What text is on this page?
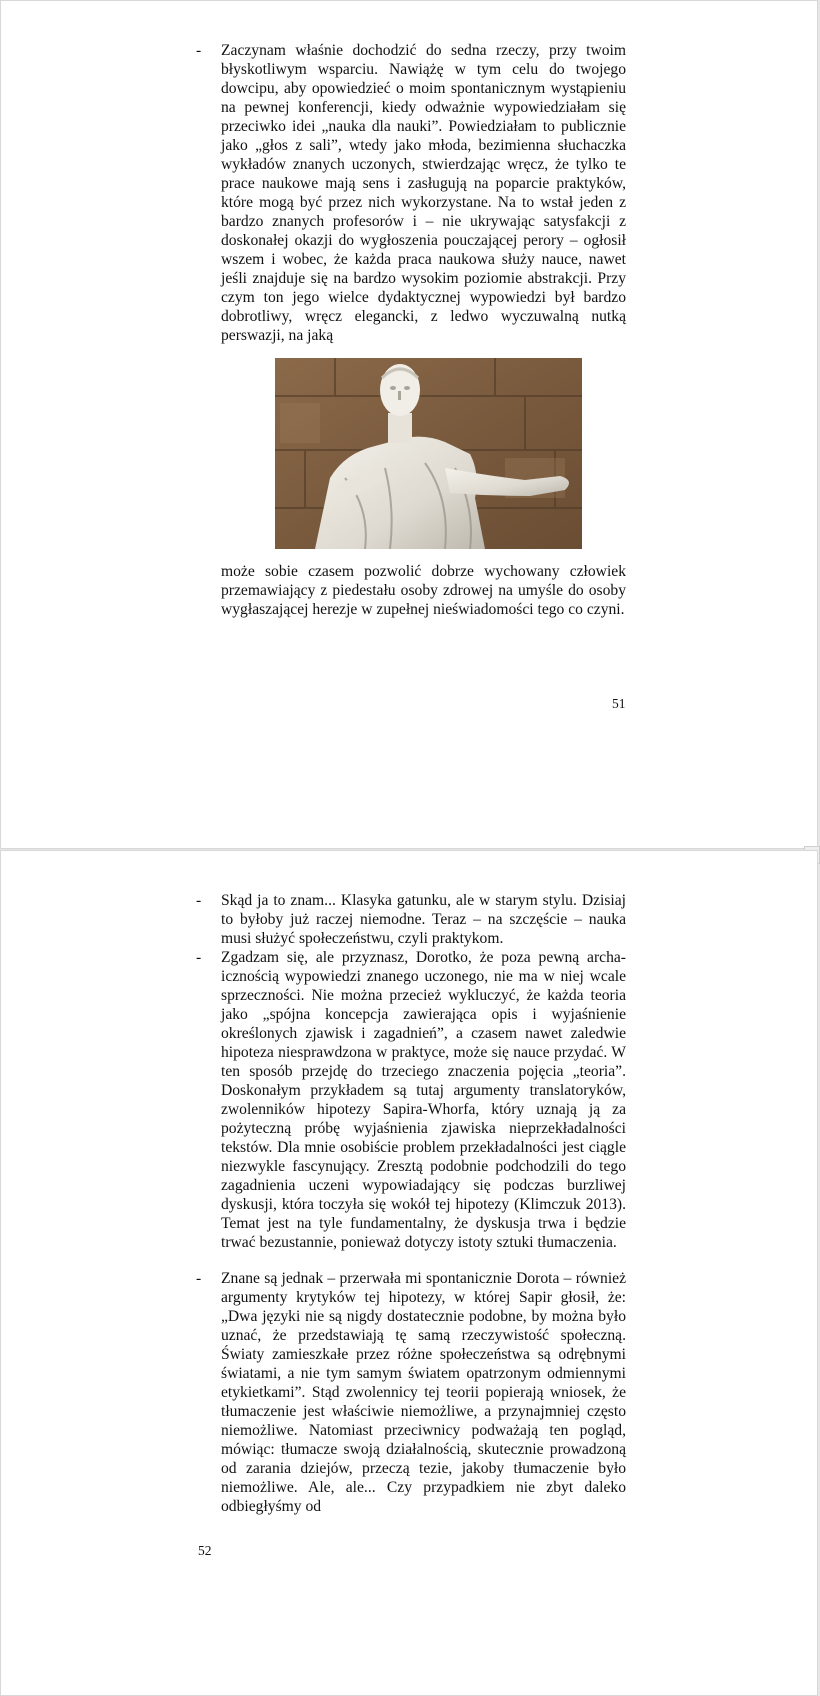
- Zaczynam właśnie dochodzić do sedna rzeczy, przy twoim błyskotliwym wsparciu. Nawiążę w tym celu do twojego dowcipu, aby opowiedzieć o moim spontanicznym wystąpieniu na pewnej konferencji, kiedy odważnie wypowiedziałam się przeciwko idei „nauka dla nauki”. Powiedziałam to publicznie jako „głos z sali”, wtedy jako młoda, bezimienna słuchaczka wykładów znanych uczonych, stwierdzając wręcz, że tylko te prace naukowe mają sens i zasługują na poparcie praktyków, które mogą być przez nich wykorzystane. Na to wstał jeden z bardzo znanych profesorów i – nie ukrywając satysfakcji z doskonałej okazji do wygłoszenia pouczającej perory – ogłosił wszem i wobec, że każda praca naukowa służy nauce, nawet jeśli znajduje się na bardzo wysokim poziomie abstrakcji. Przy czym ton jego wielce dydaktycznej wypowiedzi był bardzo dobrotliwy, wręcz elegancki, z ledwo wyczuwalną nutką perswazji, na jaką

może sobie czasem pozwolić dobrze wychowany człowiek przemawiający z piedestału osoby zdrowej na umyśle do osoby wygłaszającej herezje w zupełnej nieświadomości tego co czyni.

51
- Skąd ja to znam... Klasyka gatunku, ale w starym stylu. Dzisiaj to byłoby już raczej niemodne. Teraz – na szczęście – nauka musi służyć społeczeństwu, czyli praktykom.

- Zgadzam się, ale przyznasz, Dorotko, że poza pewną archaicznością wypowiedzi znanego uczonego, nie ma w niej wcale sprzeczności. Nie można przecież wykluczyć, że każda teoria jako „spójna koncepcja zawierająca opis i wyjaśnienie określonych zjawisk i zagadnień”, a czasem nawet zaledwie hipoteza niesprawdzona w praktyce, może się nauce przydać. W ten sposób przejdę do trzeciego znaczenia pojęcia „teoria”. Doskonałym przykładem są tutaj argumenty translatoryków, zwolenników hipotezy Sapira-Whorfa, który uznają ją za pożyteczną próbę wyjaśnienia zjawiska nieprzekładalności tekstów. Dla mnie osobiście problem przekładalności jest ciągle niezwykle fascynujący. Zresztą podobnie podchodzili do tego zagadnienia uczeni wypowiadający się podczas burzliwej dyskusji, która toczyła się wokół tej hipotezy (Klimczuk 2013). Temat jest na tyle fundamentalny, że dyskusja trwa i będzie trwać bezustannie, ponieważ dotyczy istoty sztuki tłumaczenia.

- Znane są jednak – przerwała mi spontanicznie Dorota – również argumenty krytyków tej hipotezy, w której Sapir głosił, że: „Dwa języki nie są nigdy dostatecznie podobne, by można było uznać, że przedstawiają tę samą rzeczywistość społeczną. Światy zamieszkałe przez różne społeczeństwa są odrębnymi światami, a nie tym samym światem opatrzonym odmiennymi etykietkami”. Stąd zwolennicy tej teorii popierają wniosek, że tłumaczenie jest właściwie niemożliwe, a przynajmniej często niemożliwe. Natomiast przeciwnicy podważają ten pogląd, mówiąc: tłumacze swoją działalnością, skutecznie prowadzoną od zarania dziejów, przeczą tezie, jakoby tłumaczenie było niemożliwe. Ale, ale... Czy przypadkiem nie zbyt daleko odbiegłyśmy od

52
